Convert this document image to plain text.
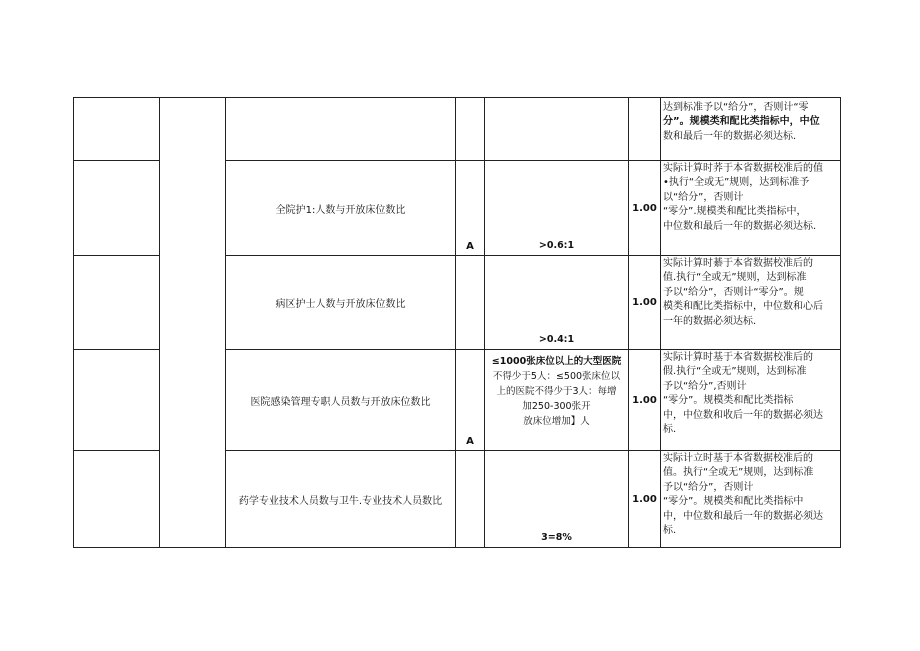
达到标准予以“给分”，否则计“零
分”。规模类和配比类指标中，中位
数和最后一年的数据必须达标.
全院护1:人数与开放床位数比
A	>0.6:1
1.00
实际计算时荞于本省数据校准后的值
•执行“全或无”规则，达到标准予
以“给分”，否则计
“零分”.规模类和配比类指标中，
中位数和最后一年的数据必须达标.
病区护士人数与开放床位数比
>0.4:1
1.00
实际计算时綦于本省数据校准后的
值.执行“全或无”规则，达到标准
予以“给分”，否则计“零分”。规
模类和配比类指标中，中位数和心后
一年的数据必须达标.
医院感染管理专职人员数与开放床位数比
A
≤1000张床位以上的大型医院
不得少于5人：≤500张床位以
上的医院不得少于3人：每增
加250-300张开
放床位增加】人
1.00
实际计算时基于本省数据校准后的
假.执行“全或无”规则，达到标准
予以“给分”,否则计
“零分”。规模类和配比类指标
中，中位数和收后一年的数据必须达
标.
药学专业技术人员数与卫牛.专业技术人员数比
3=8%
1.00
实际计立时基于本省数据校准后的
值。执行“全或无”规则，达到标准
予以“给分”，否则计
“零分”。规模类和配比类指标中
中，中位数和最后一年的数据必须达
标.
